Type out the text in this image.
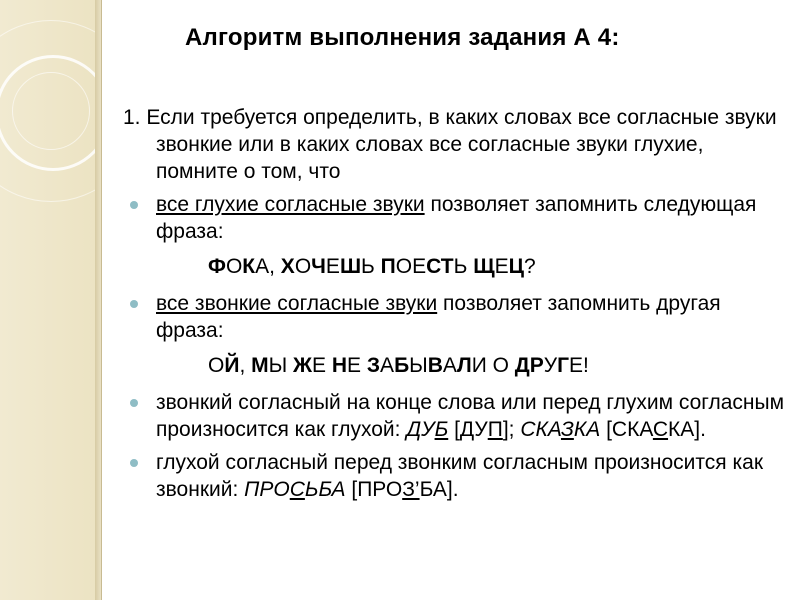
Алгоритм выполнения задания А 4:

1. Если требуется определить, в каких словах все согласные звуки звонкие или в каких словах все согласные звуки глухие, помните о том, что

все глухие согласные звуки позволяет запомнить следующая фраза:
ФОКА, ХОЧЕШЬ ПОЕСТЬ ЩЕЦ?
все звонкие согласные звуки позволяет запомнить другая фраза:
ОЙ, МЫ ЖЕ НЕ ЗАБЫВАЛИ О ДРУГЕ!
звонкий согласный на конце слова или перед глухим согласным произносится как глухой: ДУБ [ДУП]; СКАЗКА [СКАСКА].
глухой согласный перед звонким согласным произносится как звонкий: ПРОСЬБА [ПРОЗ’БА].
